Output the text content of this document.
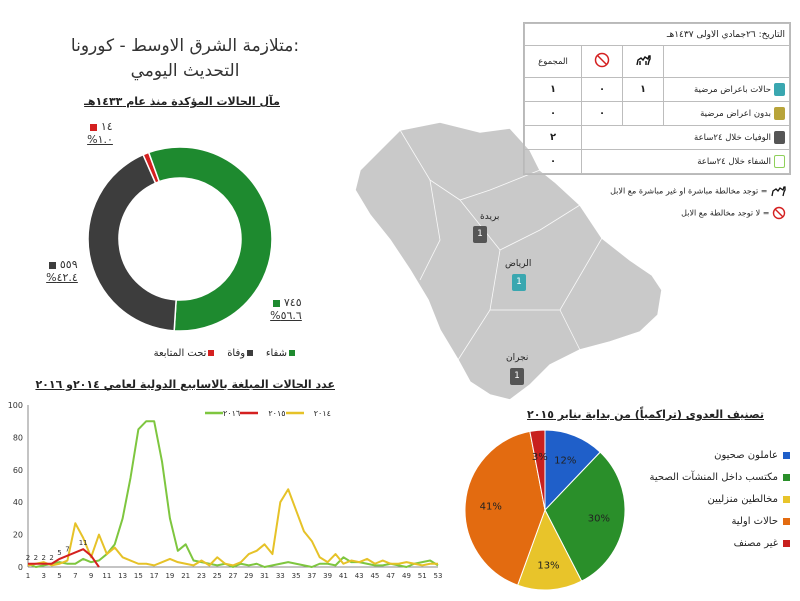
متلازمة الشرق الاوسط - كورونا:
التحديث اليومي
مآل الحالات المؤكدة منذ عام ١٤٣٣هـ
١٤
%١.٠
٥٥٩
%٤٢.٤
٧٤٥
%٥٦.٦
شفاء    وفاة    تحت المتابعة
1
بريدة
1
الرياض
1
نجران
التاريخ: ٢٦جمادي الاولى ١٤٣٧هـ			
			المجموع
حالات باعراض مرضية	١	٠	١
بدون اعراض مرضية		٠	٠
الوفيات خلال ٢٤ساعة			٢
الشفاء خلال ٢٤ساعة			٠
= توجد مخالطة مباشرة او غير مباشرة مع الابل
= لا توجد مخالطة مع الابل
عدد الحالات المبلغة بالاسابيع الدولية لعامي ٢٠١٤و ٢٠١٦
٢٠١٤    ٢٠١٥    ٢٠١٦
0
20
40
60
80
100
1 3 5 7 9 11 13 15 17 19 21 23 25 27 29 31 33 35 37 39 41 43 45 47 49 51 53
2 2 2 2
5 7
11
تصنيف العدوى (تراكمياً) من بداية يناير ٢٠١٥
12%
30%
13%
41%
3%	عاملون صحيون
مكتسب داخل المنشآت الصحية
مخالطين منزليين
حالات اولية
غير مصنف
